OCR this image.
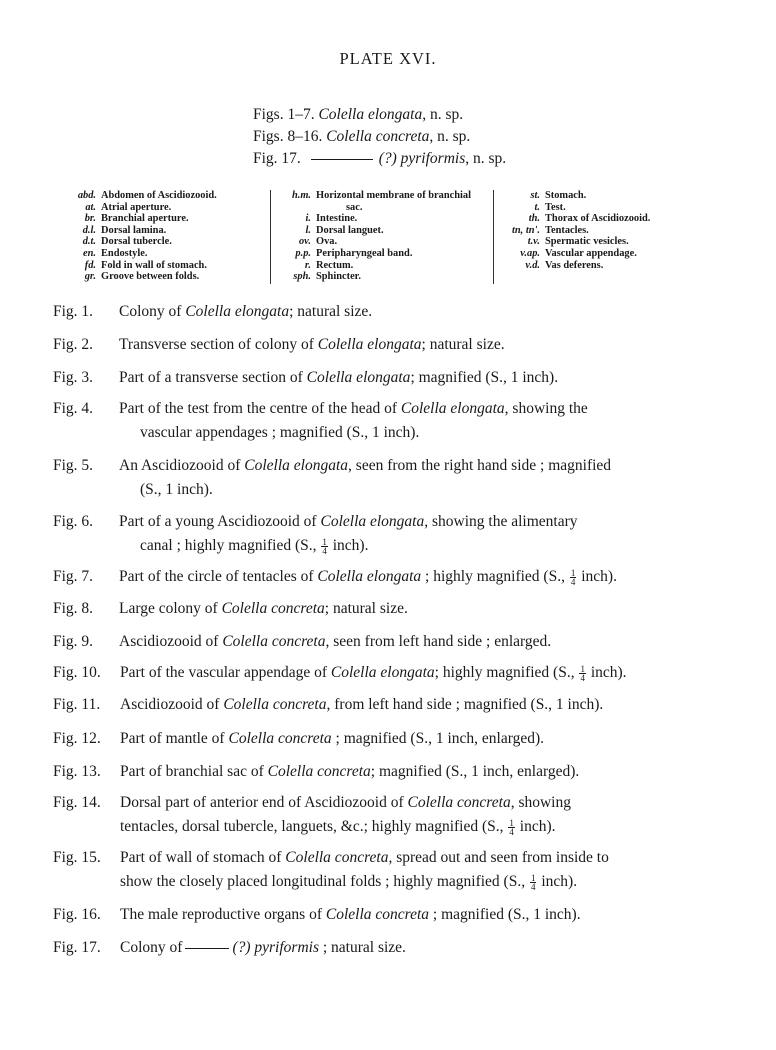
PLATE XVI.
Figs. 1–7. Colella elongata, n. sp.
Figs. 8–16. Colella concreta, n. sp.
Fig. 17.	(?) pyriformis, n. sp.
abd. Abdomen of Ascidiozooid.
at. Atrial aperture.
br. Branchial aperture.
d.l. Dorsal lamina.
d.t. Dorsal tubercle.
en. Endostyle.
fd. Fold in wall of stomach.
gr. Groove between folds.
h.m. Horizontal membrane of branchial
sac.
i. Intestine.
l. Dorsal languet.
ov. Ova.
p.p. Peripharyngeal band.
r. Rectum.
sph. Sphincter.
st. Stomach.
t. Test.
th. Thorax of Ascidiozooid.
tn, tn'. Tentacles.
t.v. Spermatic vesicles.
v.ap. Vascular appendage.
v.d. Vas deferens.
Fig. 1. Colony of Colella elongata; natural size.
Fig. 2. Transverse section of colony of Colella elongata; natural size.
Fig. 3. Part of a transverse section of Colella elongata; magnified (S., 1 inch).
Fig. 4. Part of the test from the centre of the head of Colella elongata, showing the
vascular appendages ; magnified (S., 1 inch).
Fig. 5. An Ascidiozooid of Colella elongata, seen from the right hand side ; magnified
(S., 1 inch).
Fig. 6. Part of a young Ascidiozooid of Colella elongata, showing the alimentary
canal ; highly magnified (S., $\frac{1}{4}$ inch).
Fig. 7. Part of the circle of tentacles of Colella elongata ; highly magnified (S., $\frac{1}{4}$ inch).
Fig. 8. Large colony of Colella concreta; natural size.
Fig. 9. Ascidiozooid of Colella concreta, seen from left hand side ; enlarged.
Fig. 10. Part of the vascular appendage of Colella elongata; highly magnified (S., $\frac{1}{4}$ inch).
Fig. 11. Ascidiozooid of Colella concreta, from left hand side ; magnified (S., 1 inch).
Fig. 12. Part of mantle of Colella concreta ; magnified (S., 1 inch, enlarged).
Fig. 13. Part of branchial sac of Colella concreta; magnified (S., 1 inch, enlarged).
Fig. 14. Dorsal part of anterior end of Ascidiozooid of Colella concreta, showing
tentacles, dorsal tubercle, languets, &c.; highly magnified (S., $\frac{1}{4}$ inch).
Fig. 15. Part of wall of stomach of Colella concreta, spread out and seen from inside to
show the closely placed longitudinal folds ; highly magnified (S., $\frac{1}{4}$ inch).
Fig. 16. The male reproductive organs of Colella concreta ; magnified (S., 1 inch).
Fig. 17. Colony of	(?) pyriformis ; natural size.
